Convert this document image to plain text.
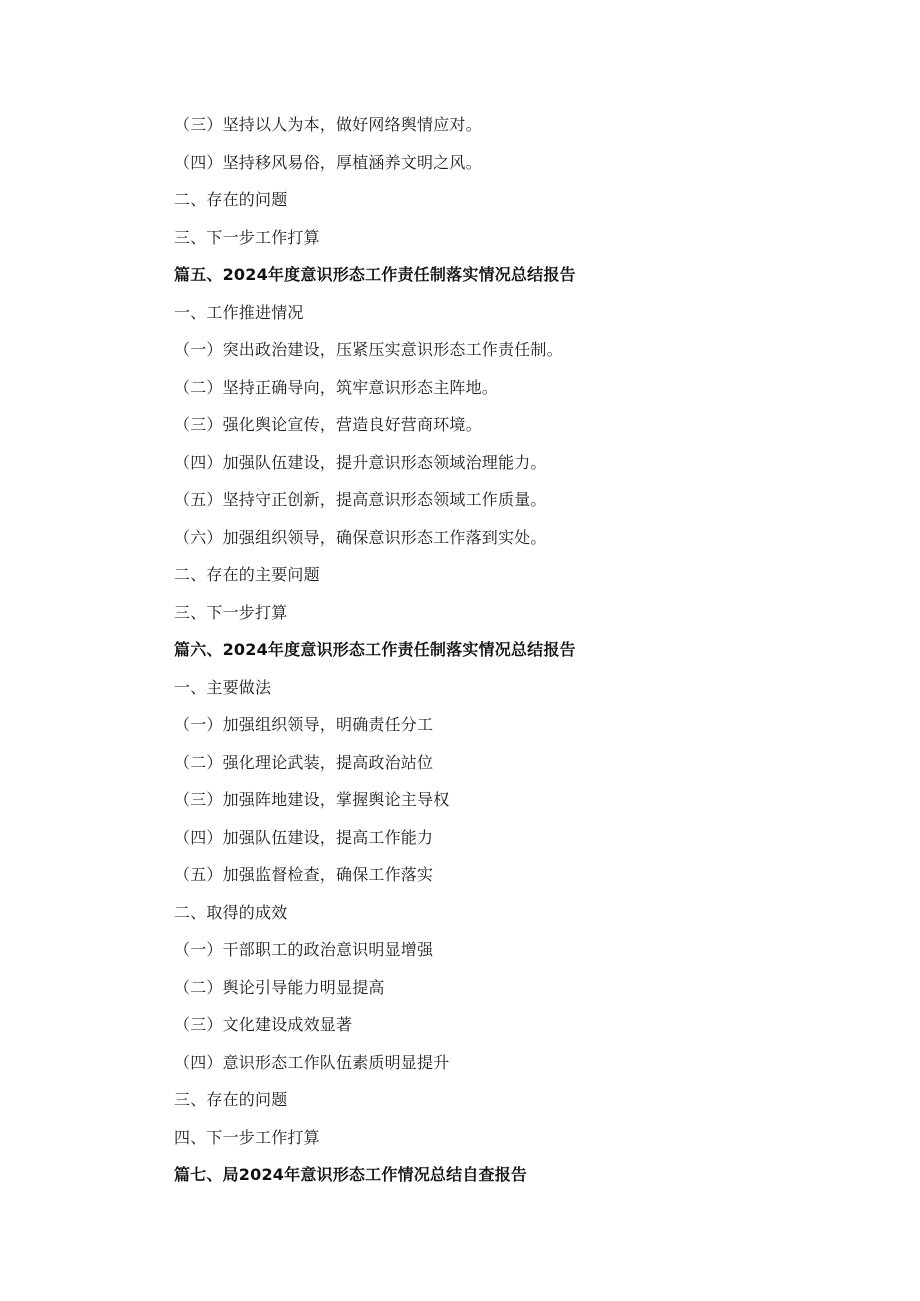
（三）坚持以人为本，做好网络舆情应对。
（四）坚持移风易俗，厚植涵养文明之风。
二、存在的问题
三、下一步工作打算
篇五、2024年度意识形态工作责任制落实情况总结报告
一、工作推进情况
（一）突出政治建设，压紧压实意识形态工作责任制。
（二）坚持正确导向，筑牢意识形态主阵地。
（三）强化舆论宣传，营造良好营商环境。
（四）加强队伍建设，提升意识形态领域治理能力。
（五）坚持守正创新，提高意识形态领域工作质量。
（六）加强组织领导，确保意识形态工作落到实处。
二、存在的主要问题
三、下一步打算
篇六、2024年度意识形态工作责任制落实情况总结报告
一、主要做法
（一）加强组织领导，明确责任分工
（二）强化理论武装，提高政治站位
（三）加强阵地建设，掌握舆论主导权
（四）加强队伍建设，提高工作能力
（五）加强监督检查，确保工作落实
二、取得的成效
（一）干部职工的政治意识明显增强
（二）舆论引导能力明显提高
（三）文化建设成效显著
（四）意识形态工作队伍素质明显提升
三、存在的问题
四、下一步工作打算
篇七、局2024年意识形态工作情况总结自查报告
